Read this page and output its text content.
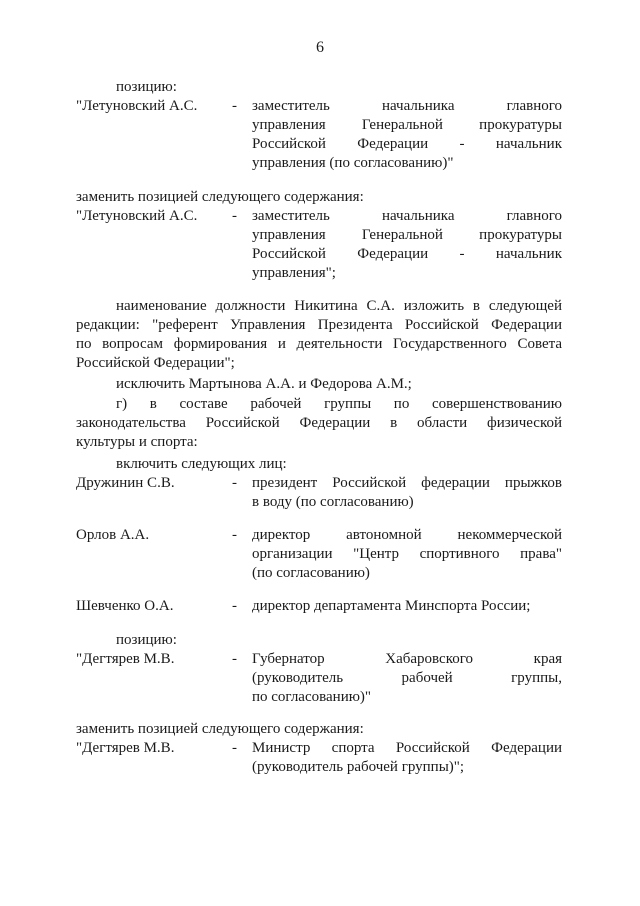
6
позицию:
"Летуновский А.С. - заместитель начальника главного
управления Генеральной прокуратуры
Российской Федерации - начальник
управления (по согласованию)"
заменить позицией следующего содержания:
"Летуновский А.С. - заместитель начальника главного
управления Генеральной прокуратуры
Российской Федерации - начальник
управления";
наименование должности Никитина С.А. изложить в следующей
редакции: "референт Управления Президента Российской Федерации
по вопросам формирования и деятельности Государственного Совета
Российской Федерации";
исключить Мартынова А.А. и Федорова А.М.;
г) в составе рабочей группы по совершенствованию
законодательства Российской Федерации в области физической
культуры и спорта:
включить следующих лиц:
Дружинин С.В.	- президент Российской федерации прыжков
в воду (по согласованию)
Орлов А.А.	- директор автономной некоммерческой
организации "Центр спортивного права"
(по согласованию)
Шевченко О.А.	- директор департамента Минспорта России;
позицию:
"Дегтярев М.В.	- Губернатор Хабаровского края
(руководитель рабочей группы,
по согласованию)"
заменить позицией следующего содержания:
"Дегтярев М.В.	- Министр спорта Российской Федерации
(руководитель рабочей группы)";
